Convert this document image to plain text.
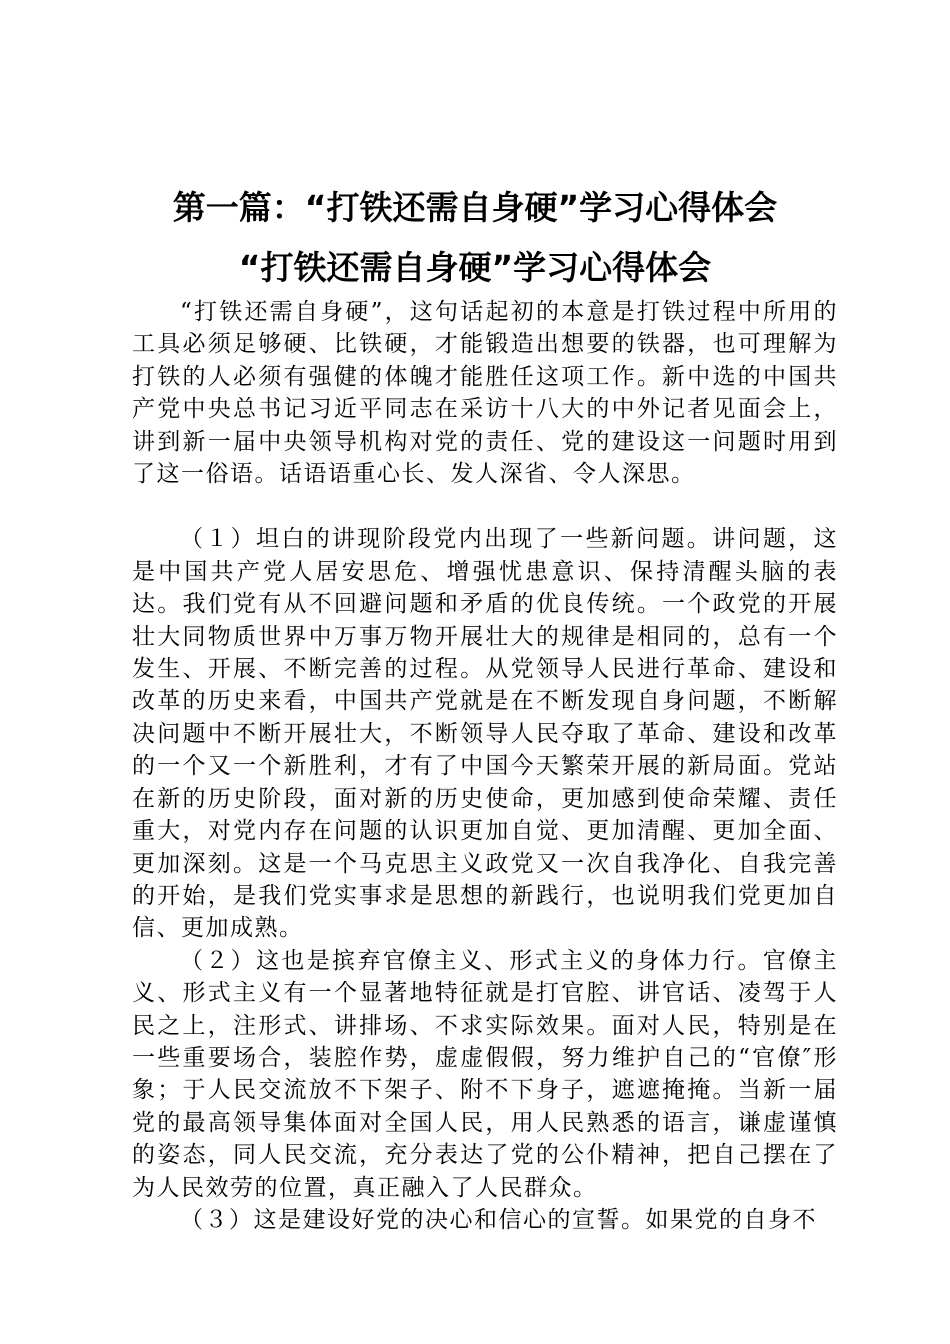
第一篇：“打铁还需自身硬”学习心得体会
“打铁还需自身硬”学习心得体会

“打铁还需自身硬”，这句话起初的本意是打铁过程中所用的工具必须足够硬、比铁硬，才能锻造出想要的铁器，也可理解为打铁的人必须有强健的体魄才能胜任这项工作。新中选的中国共产党中央总书记习近平同志在采访十八大的中外记者见面会上，讲到新一届中央领导机构对党的责任、党的建设这一问题时用到了这一俗语。话语语重心长、发人深省、令人深思。

（１）坦白的讲现阶段党内出现了一些新问题。讲问题，这是中国共产党人居安思危、增强忧患意识、保持清醒头脑的表达。我们党有从不回避问题和矛盾的优良传统。一个政党的开展壮大同物质世界中万事万物开展壮大的规律是相同的，总有一个发生、开展、不断完善的过程。从党领导人民进行革命、建设和改革的历史来看，中国共产党就是在不断发现自身问题，不断解决问题中不断开展壮大，不断领导人民夺取了革命、建设和改革的一个又一个新胜利，才有了中国今天繁荣开展的新局面。党站在新的历史阶段，面对新的历史使命，更加感到使命荣耀、责任重大，对党内存在问题的认识更加自觉、更加清醒、更加全面、更加深刻。这是一个马克思主义政党又一次自我净化、自我完善的开始，是我们党实事求是思想的新践行，也说明我们党更加自信、更加成熟。

（２）这也是摈弃官僚主义、形式主义的身体力行。官僚主义、形式主义有一个显著地特征就是打官腔、讲官话、凌驾于人民之上，注形式、讲排场、不求实际效果。面对人民，特别是在一些重要场合，装腔作势，虚虚假假，努力维护自己的“官僚″形象；于人民交流放不下架子、附不下身子，遮遮掩掩。当新一届党的最高领导集体面对全国人民，用人民熟悉的语言，谦虚谨慎的姿态，同人民交流，充分表达了党的公仆精神，把自己摆在了为人民效劳的位置，真正融入了人民群众。

（３）这是建设好党的决心和信心的宣誓。如果党的自身不
